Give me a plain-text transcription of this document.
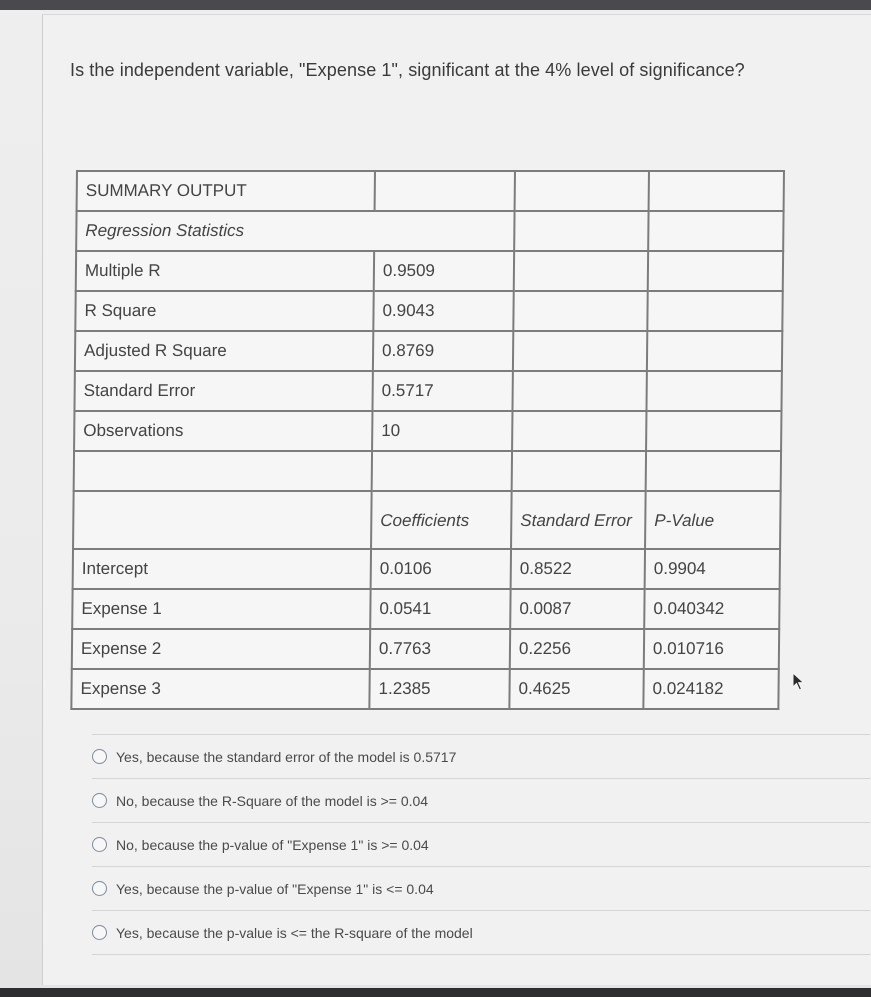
Is the independent variable, "Expense 1", significant at the 4% level of significance?
SUMMARY OUTPUT			
Regression Statistics			
Multiple R	0.9509		
R Square	0.9043		
Adjusted R Square	0.8769		
Standard Error	0.5717		
Observations	10		

	Coefficients	Standard Error	P-Value
Intercept	0.0106	0.8522	0.9904
Expense 1	0.0541	0.0087	0.040342
Expense 2	0.7763	0.2256	0.010716
Expense 3	1.2385	0.4625	0.024182
Yes, because the standard error of the model is 0.5717
No, because the R-Square of the model is >= 0.04
No, because the p-value of "Expense 1" is >= 0.04
Yes, because the p-value of "Expense 1" is <= 0.04
Yes, because the p-value is <= the R-square of the model
